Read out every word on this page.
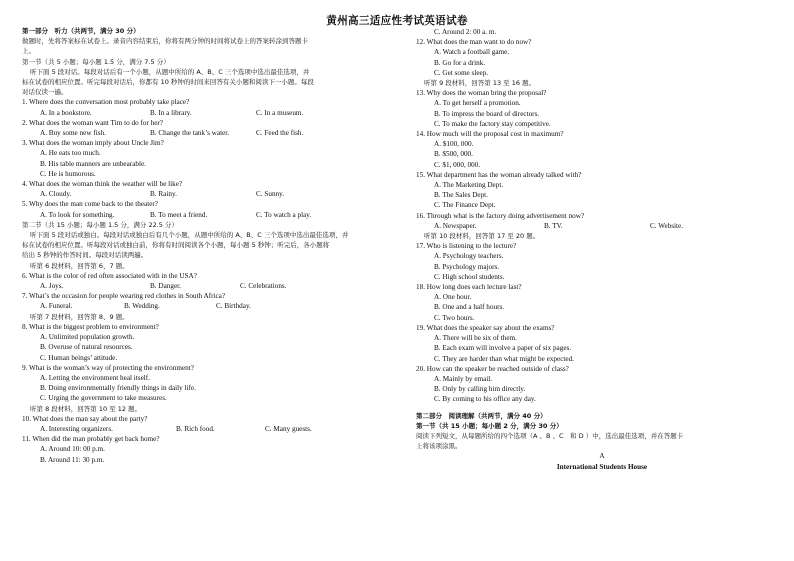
黄州高三适应性考试英语试卷
第一部分　听力（共两节，满分 30 分）
做题时，先将答案标在试卷上。录音内容结束后，你将有两分钟的时间将试卷上的答案转涂到答题卡
上。
第一节（共 5 小题；每小题 1.5 分，满分 7.5 分）
听下面 5 段对话。每段对话后有一个小题，从题中所给的 A、B、C 三个选项中选出最佳选项，并
标在试卷的相应位置。听完每段对话后，你都有 10 秒钟的时间来回答有关小题和阅读下一小题。每段
对话仅读一遍。
1. Where does the conversation most probably take place?
A. In a bookstore.	B. In a library.	C. In a museum.
2. What does the woman want Tim to do for her?
A. Buy some new fish.	B. Change the tank’s water.	C. Feed the fish.
3. What does the woman imply about Uncle Jim?
A. He eats too much.
B. His table manners are unbearable.
C. He is humorous.
4. What does the woman think the weather will be like?
A. Cloudy.	B. Rainy.	C. Sunny.
5. Why does the man come back to the theater?
A. To look for something.	B. To meet a friend.	C. To watch a play.
第二节（共 15 小题；每小题 1.5 分，满分 22.5 分）
听下面 5 段对话或独白。每段对话或独白后有几个小题，从题中所给的 A、B、C 三个选项中选出最佳选项，并
标在试卷的相应位置。听每段对话或独白前，你将有时间阅读各个小题，每小题 5 秒钟；听完后，各小题将
给出 5 秒钟的作答时间。每段对话读两遍。
听第 6 段材料，回答第 6、7 题。
6. What is the color of red often associated with in the USA?
A. Joys.	B. Danger.	C. Celebrations.
7. What’s the occasion for people wearing red clothes in South Africa?
A. Funeral.	B. Wedding.	C. Birthday.
听第 7 段材料，回答第 8、9 题。
8. What is the biggest problem to environment?
A. Unlimited population growth.
B. Overuse of natural resources.
C. Human beings’ attitude.
9. What is the woman’s way of protecting the environment?
A. Letting the environment heal itself.
B. Doing environmentally friendly things in daily life.
C. Urging the government to take measures.
听第 8 段材料，回答第 10 至 12 题。
10. What does the man say about the party?
A. Interesting organizers.	B. Rich food.	C. Many guests.
11. When did the man probably get back home?
A. Around 10: 00 p.m.
B. Around 11: 30 p.m.
C. Around 2: 00 a. m.
12. What does the man want to do now?
A. Watch a football game.
B. Go for a drink.
C. Get some sleep.
听第 9 段材料，回答第 13 至 16 题。
13. Why does the woman bring the proposal?
A. To get herself a promotion.
B. To impress the board of directors.
C. To make the factory stay competitive.
14. How much will the proposal cost in maximum?
A. $100, 000.
B. $500, 000.
C. $1, 000, 000.
15. What department has the woman already talked with?
A. The Marketing Dept.
B. The Sales Dept.
C. The Finance Dept.
16. Through what is the factory doing advertisement now?
A. Newspaper.	B. TV.	C. Website.
听第 10 段材料，回答第 17 至 20 题。
17. Who is listening to the lecture?
A. Psychology teachers.
B. Psychology majors.
C. High school students.
18. How long does each lecture last?
A. One hour.
B. One and a half hours.
C. Two hours.
19. What does the speaker say about the exams?
A. There will be six of them.
B. Each exam will involve a paper of six pages.
C. They are harder than what might be expected.
20. How can the speaker be reached outside of class?
A. Mainly by email.
B. Only by calling him directly.
C. By coming to his office any day.
第二部分　阅读理解（共两节，满分 40 分）
第一节（共 15 小题；每小题 2 分，满分 30 分）
阅读下列短文，从每题所给的四个选项（A 、B 、C　和 D ）中，选出最佳选项，并在答题卡
上将该项涂黑。
A
International Students House
